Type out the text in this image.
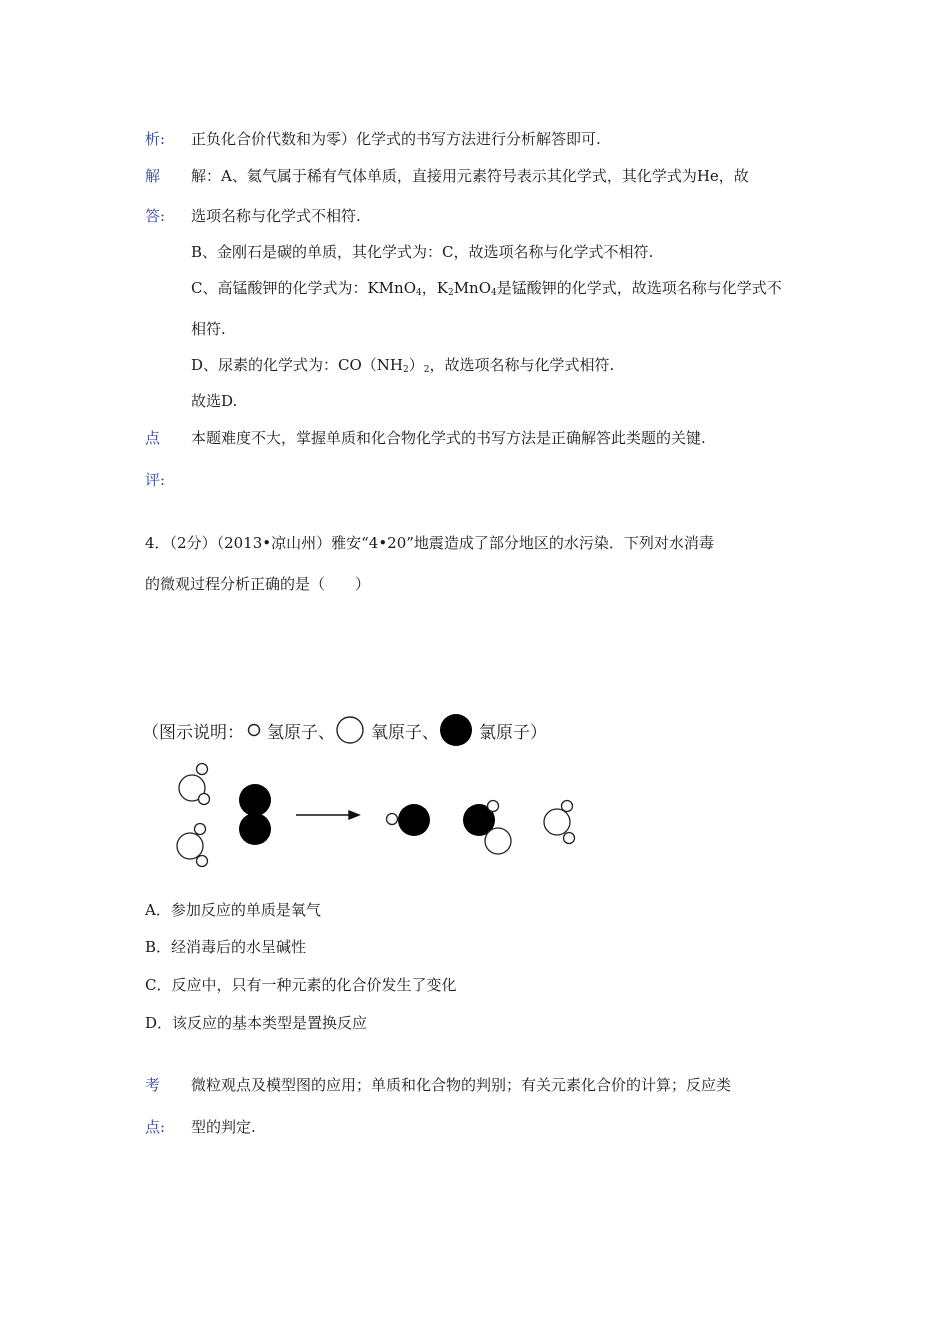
析: 正负化合价代数和为零）化学式的书写方法进行分析解答即可.
解
答:
解：A、氦气属于稀有气体单质，直接用元素符号表示其化学式，其化学式为He，故
选项名称与化学式不相符.
B、金刚石是碳的单质，其化学式为：C，故选项名称与化学式不相符.
C、高锰酸钾的化学式为：KMnO$_4$，$K_2MnO_4$是锰酸钾的化学式，故选项名称与化学式不
相符.
D、尿素的化学式为：$CO(NH_2)_2$，故选项名称与化学式相符.
故选D.
点
评:
本题难度不大，掌握单质和化合物化学式的书写方法是正确解答此类题的关键.
4．（2分）（2013•凉山州）雅安“4•20”地震造成了部分地区的水污染．下列对水消毒
的微观过程分析正确的是（　　）
（图示说明： 氢原子、 氧原子、 氯原子）
A．参加反应的单质是氧气
B．经消毒后的水呈碱性
C．反应中，只有一种元素的化合价发生了变化
D．该反应的基本类型是置换反应
考
点:
微粒观点及模型图的应用；单质和化合物的判别；有关元素化合价的计算；反应类
型的判定.
